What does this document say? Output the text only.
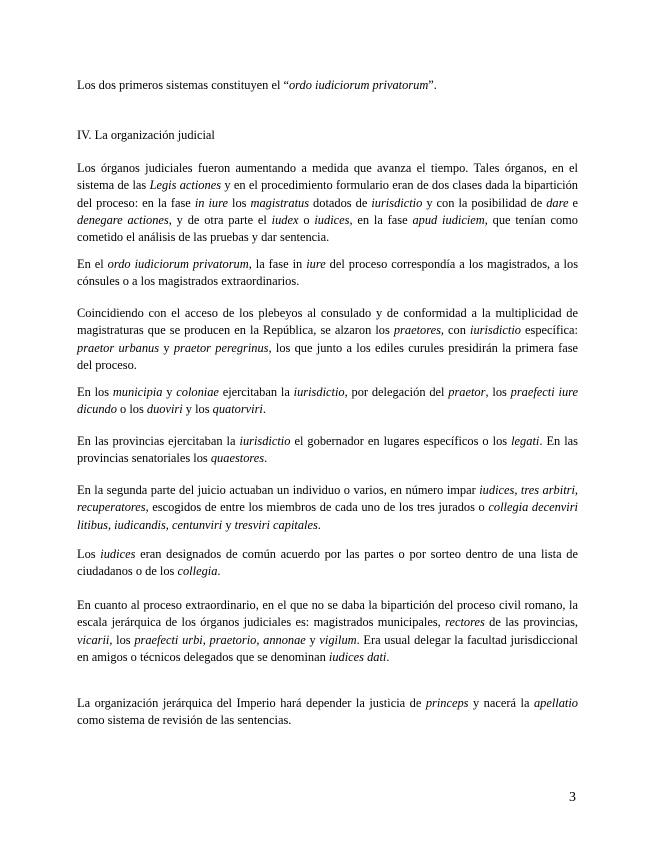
Los dos primeros sistemas constituyen el “ordo iudiciorum privatorum”.

IV. La organización judicial

Los órganos judiciales fueron aumentando a medida que avanza el tiempo. Tales órganos, en el sistema de las Legis actiones y en el procedimiento formulario eran de dos clases dada la bipartición del proceso: en la fase in iure los magistratus dotados de iurisdictio y con la posibilidad de dare e denegare actiones, y de otra parte el iudex o iudices, en la fase apud iudiciem, que tenían como cometido el análisis de las pruebas y dar sentencia.

En el ordo iudiciorum privatorum, la fase in iure del proceso correspondía a los magistrados, a los cónsules o a los magistrados extraordinarios.

Coincidiendo con el acceso de los plebeyos al consulado y de conformidad a la multiplicidad de magistraturas que se producen en la República, se alzaron los praetores, con iurisdictio específica: praetor urbanus y praetor peregrinus, los que junto a los ediles curules presidirán la primera fase del proceso.

En los municipia y coloniae ejercitaban la iurisdictio, por delegación del praetor, los praefecti iure dicundo o los duoviri y los quatorviri.

En las provincias ejercitaban la iurisdictio el gobernador en lugares específicos o los legati. En las provincias senatoriales los quaestores.

En la segunda parte del juicio actuaban un individuo o varios, en número impar iudices, tres arbitri, recuperatores, escogidos de entre los miembros de cada uno de los tres jurados o collegia decenviri litibus, iudicandis, centunviri y tresviri capitales.

Los iudices eran designados de común acuerdo por las partes o por sorteo dentro de una lista de ciudadanos o de los collegia.

En cuanto al proceso extraordinario, en el que no se daba la bipartición del proceso civil romano, la escala jerárquica de los órganos judiciales es: magistrados municipales, rectores de las provincias, vicarii, los praefecti urbi, praetorio, annonae y vigilum. Era usual delegar la facultad jurisdiccional en amigos o técnicos delegados que se denominan iudices dati.

La organización jerárquica del Imperio hará depender la justicia de princeps y nacerá la apellatio como sistema de revisión de las sentencias.

3
